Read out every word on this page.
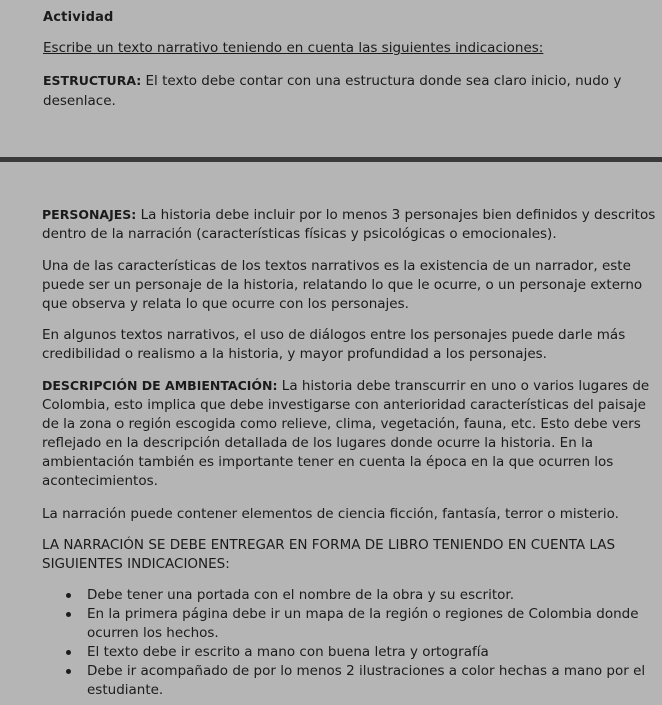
Actividad
Escribe un texto narrativo teniendo en cuenta las siguientes indicaciones:
ESTRUCTURA: El texto debe contar con una estructura donde sea claro inicio, nudo y
desenlace.

PERSONAJES: La historia debe incluir por lo menos 3 personajes bien definidos y descritos
dentro de la narración (características físicas y psicológicas o emocionales).

Una de las características de los textos narrativos es la existencia de un narrador, este
puede ser un personaje de la historia, relatando lo que le ocurre, o un personaje externo
que observa y relata lo que ocurre con los personajes.

En algunos textos narrativos, el uso de diálogos entre los personajes puede darle más
credibilidad o realismo a la historia, y mayor profundidad a los personajes.

DESCRIPCIÓN DE AMBIENTACIÓN: La historia debe transcurrir en uno o varios lugares de
Colombia, esto implica que debe investigarse con anterioridad características del paisaje
de la zona o región escogida como relieve, clima, vegetación, fauna, etc. Esto debe vers
reflejado en la descripción detallada de los lugares donde ocurre la historia. En la
ambientación también es importante tener en cuenta la época en la que ocurren los
acontecimientos.

La narración puede contener elementos de ciencia ficción, fantasía, terror o misterio.

LA NARRACIÓN SE DEBE ENTREGAR EN FORMA DE LIBRO TENIENDO EN CUENTA LAS
SIGUIENTES INDICACIONES:

Debe tener una portada con el nombre de la obra y su escritor.
En la primera página debe ir un mapa de la región o regiones de Colombia donde
ocurren los hechos.
El texto debe ir escrito a mano con buena letra y ortografía
Debe ir acompañado de por lo menos 2 ilustraciones a color hechas a mano por el
estudiante.
